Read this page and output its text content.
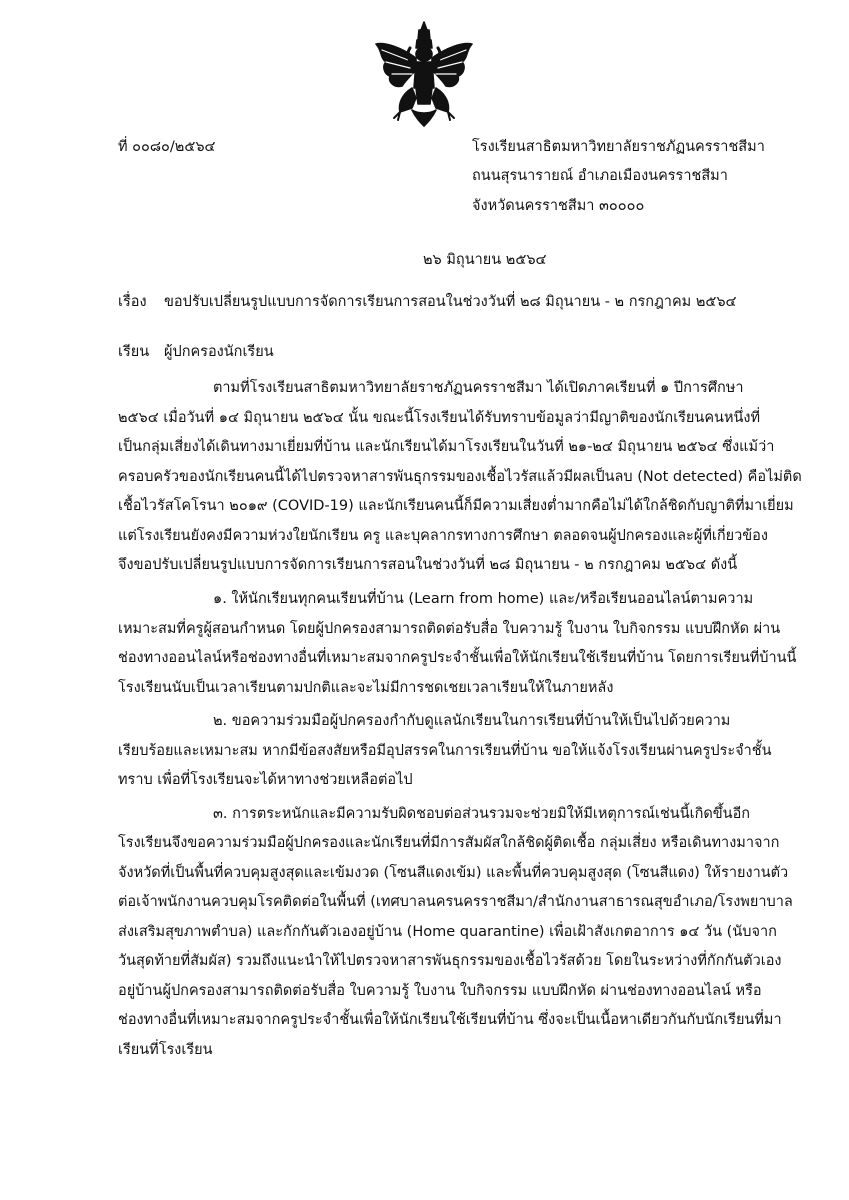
ที่ ๐๐๘๐/๒๕๖๔	โรงเรียนสาธิตมหาวิทยาลัยราชภัฏนครราชสีมา
ถนนสุรนารายณ์ อำเภอเมืองนครราชสีมา
จังหวัดนครราชสีมา ๓๐๐๐๐
๒๖ มิถุนายน ๒๕๖๔
เรื่อง ขอปรับเปลี่ยนรูปแบบการจัดการเรียนการสอนในช่วงวันที่ ๒๘ มิถุนายน - ๒ กรกฎาคม ๒๕๖๔
เรียน ผู้ปกครองนักเรียน
ตามที่โรงเรียนสาธิตมหาวิทยาลัยราชภัฏนครราชสีมา ได้เปิดภาคเรียนที่ ๑ ปีการศึกษา
๒๕๖๔ เมื่อวันที่ ๑๔ มิถุนายน ๒๕๖๔ นั้น ขณะนี้โรงเรียนได้รับทราบข้อมูลว่ามีญาติของนักเรียนคนหนึ่งที่
เป็นกลุ่มเสี่ยงได้เดินทางมาเยี่ยมที่บ้าน และนักเรียนได้มาโรงเรียนในวันที่ ๒๑-๒๔ มิถุนายน ๒๕๖๔ ซึ่งแม้ว่า
ครอบครัวของนักเรียนคนนี้ได้ไปตรวจหาสารพันธุกรรมของเชื้อไวรัสแล้วมีผลเป็นลบ (Not detected) คือไม่ติด
เชื้อไวรัสโคโรนา ๒๐๑๙ (COVID-19) และนักเรียนคนนี้ก็มีความเสี่ยงต่ำมากคือไม่ได้ใกล้ชิดกับญาติที่มาเยี่ยม
แต่โรงเรียนยังคงมีความห่วงใยนักเรียน ครู และบุคลากรทางการศึกษา ตลอดจนผู้ปกครองและผู้ที่เกี่ยวข้อง
จึงขอปรับเปลี่ยนรูปแบบการจัดการเรียนการสอนในช่วงวันที่ ๒๘ มิถุนายน - ๒ กรกฎาคม ๒๕๖๔ ดังนี้
๑. ให้นักเรียนทุกคนเรียนที่บ้าน (Learn from home) และ/หรือเรียนออนไลน์ตามความ
เหมาะสมที่ครูผู้สอนกำหนด โดยผู้ปกครองสามารถติดต่อรับสื่อ ใบความรู้ ใบงาน ใบกิจกรรม แบบฝึกหัด ผ่าน
ช่องทางออนไลน์หรือช่องทางอื่นที่เหมาะสมจากครูประจำชั้นเพื่อให้นักเรียนใช้เรียนที่บ้าน โดยการเรียนที่บ้านนี้
โรงเรียนนับเป็นเวลาเรียนตามปกติและจะไม่มีการชดเชยเวลาเรียนให้ในภายหลัง
๒. ขอความร่วมมือผู้ปกครองกำกับดูแลนักเรียนในการเรียนที่บ้านให้เป็นไปด้วยความ
เรียบร้อยและเหมาะสม หากมีข้อสงสัยหรือมีอุปสรรคในการเรียนที่บ้าน ขอให้แจ้งโรงเรียนผ่านครูประจำชั้น
ทราบ เพื่อที่โรงเรียนจะได้หาทางช่วยเหลือต่อไป
๓. การตระหนักและมีความรับผิดชอบต่อส่วนรวมจะช่วยมิให้มีเหตุการณ์เช่นนี้เกิดขึ้นอีก
โรงเรียนจึงขอความร่วมมือผู้ปกครองและนักเรียนที่มีการสัมผัสใกล้ชิดผู้ติดเชื้อ กลุ่มเสี่ยง หรือเดินทางมาจาก
จังหวัดที่เป็นพื้นที่ควบคุมสูงสุดและเข้มงวด (โซนสีแดงเข้ม) และพื้นที่ควบคุมสูงสุด (โซนสีแดง) ให้รายงานตัว
ต่อเจ้าพนักงานควบคุมโรคติดต่อในพื้นที่ (เทศบาลนครนครราชสีมา/สำนักงานสาธารณสุขอำเภอ/โรงพยาบาล
ส่งเสริมสุขภาพตำบล) และกักกันตัวเองอยู่บ้าน (Home quarantine) เพื่อเฝ้าสังเกตอาการ ๑๔ วัน (นับจาก
วันสุดท้ายที่สัมผัส) รวมถึงแนะนำให้ไปตรวจหาสารพันธุกรรมของเชื้อไวรัสด้วย โดยในระหว่างที่กักกันตัวเอง
อยู่บ้านผู้ปกครองสามารถติดต่อรับสื่อ ใบความรู้ ใบงาน ใบกิจกรรม แบบฝึกหัด ผ่านช่องทางออนไลน์ หรือ
ช่องทางอื่นที่เหมาะสมจากครูประจำชั้นเพื่อให้นักเรียนใช้เรียนที่บ้าน ซึ่งจะเป็นเนื้อหาเดียวกันกับนักเรียนที่มา
เรียนที่โรงเรียน
